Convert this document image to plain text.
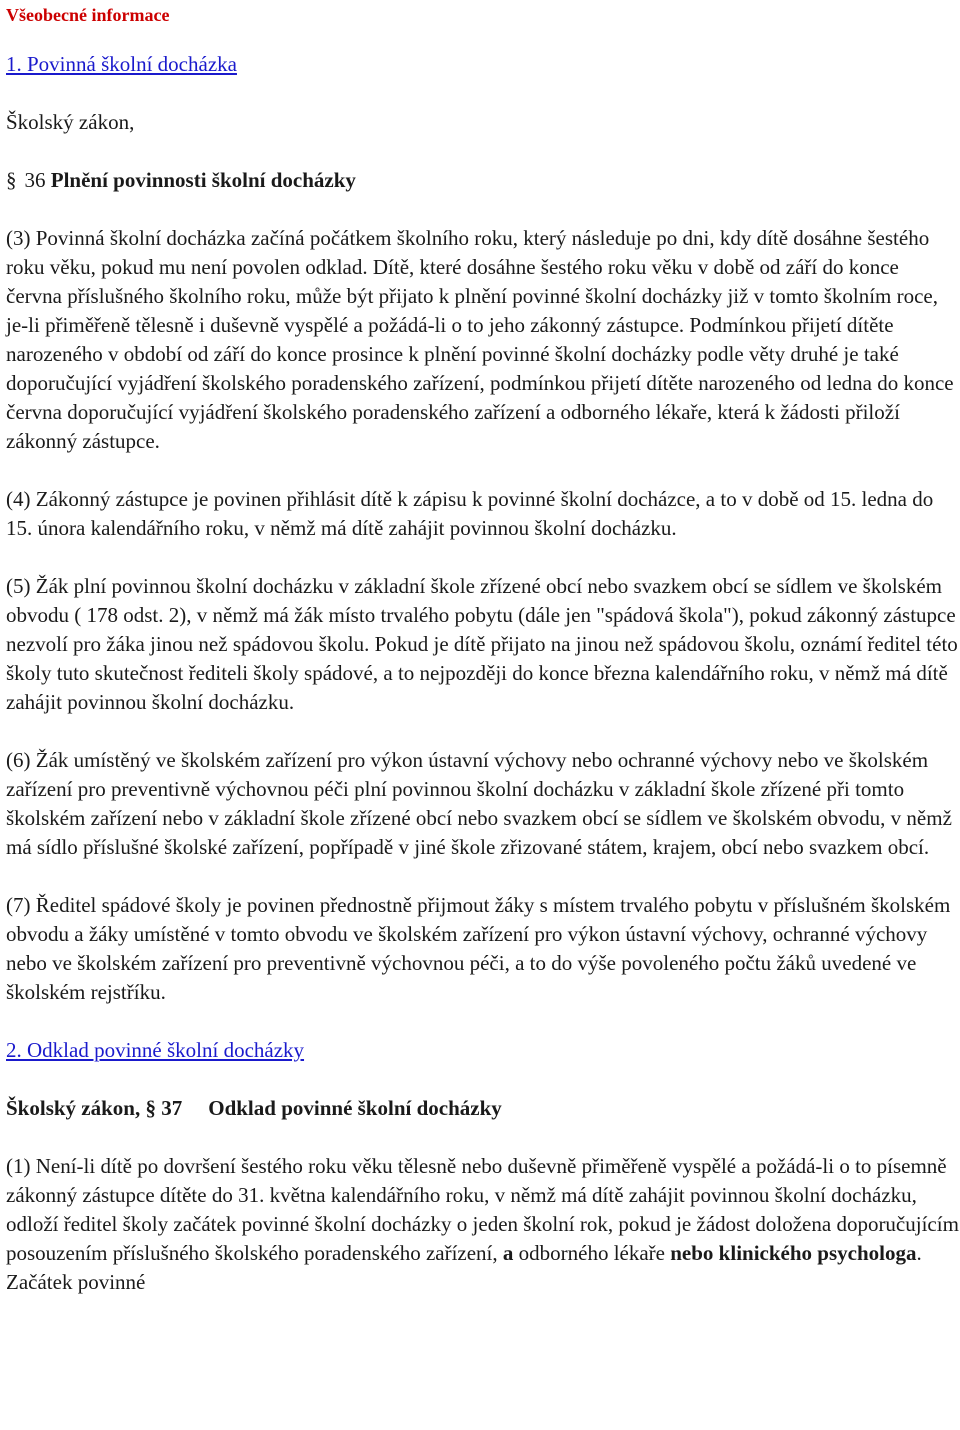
Všeobecné informace
1. Povinná školní docházka

Školský zákon,

§ 36 Plnění povinnosti školní docházky

(3) Povinná školní docházka začíná počátkem školního roku, který následuje po dni, kdy dítě dosáhne šestého roku věku, pokud mu není povolen odklad. Dítě, které dosáhne šestého roku věku v době od září do konce června příslušného školního roku, může být přijato k plnění povinné školní docházky již v tomto školním roce, je-li přiměřeně tělesně i duševně vyspělé a požádá-li o to jeho zákonný zástupce. Podmínkou přijetí dítěte narozeného v období od září do konce prosince k plnění povinné školní docházky podle věty druhé je také doporučující vyjádření školského poradenského zařízení, podmínkou přijetí dítěte narozeného od ledna do konce června doporučující vyjádření školského poradenského zařízení a odborného lékaře, která k žádosti přiloží zákonný zástupce.

(4) Zákonný zástupce je povinen přihlásit dítě k zápisu k povinné školní docházce, a to v době od 15. ledna do 15. února kalendářního roku, v němž má dítě zahájit povinnou školní docházku.

(5) Žák plní povinnou školní docházku v základní škole zřízené obcí nebo svazkem obcí se sídlem ve školském obvodu ( 178 odst. 2), v němž má žák místo trvalého pobytu (dále jen "spádová škola"), pokud zákonný zástupce nezvolí pro žáka jinou než spádovou školu. Pokud je dítě přijato na jinou než spádovou školu, oznámí ředitel této školy tuto skutečnost řediteli školy spádové, a to nejpozději do konce března kalendářního roku, v němž má dítě zahájit povinnou školní docházku.

(6) Žák umístěný ve školském zařízení pro výkon ústavní výchovy nebo ochranné výchovy nebo ve školském zařízení pro preventivně výchovnou péči plní povinnou školní docházku v základní škole zřízené při tomto školském zařízení nebo v základní škole zřízené obcí nebo svazkem obcí se sídlem ve školském obvodu, v němž má sídlo příslušné školské zařízení, popřípadě v jiné škole zřizované státem, krajem, obcí nebo svazkem obcí.

(7) Ředitel spádové školy je povinen přednostně přijmout žáky s místem trvalého pobytu v příslušném školském obvodu a žáky umístěné v tomto obvodu ve školském zařízení pro výkon ústavní výchovy, ochranné výchovy nebo ve školském zařízení pro preventivně výchovnou péči, a to do výše povoleného počtu žáků uvedené ve školském rejstříku.

2. Odklad povinné školní docházky
Školský zákon, § 37 Odklad povinné školní docházky

(1) Není-li dítě po dovršení šestého roku věku tělesně nebo duševně přiměřeně vyspělé a požádá-li o to písemně zákonný zástupce dítěte do 31. května kalendářního roku, v němž má dítě zahájit povinnou školní docházku, odloží ředitel školy začátek povinné školní docházky o jeden školní rok, pokud je žádost doložena doporučujícím posouzením příslušného školského poradenského zařízení, a odborného lékaře nebo klinického psychologa. Začátek povinné
